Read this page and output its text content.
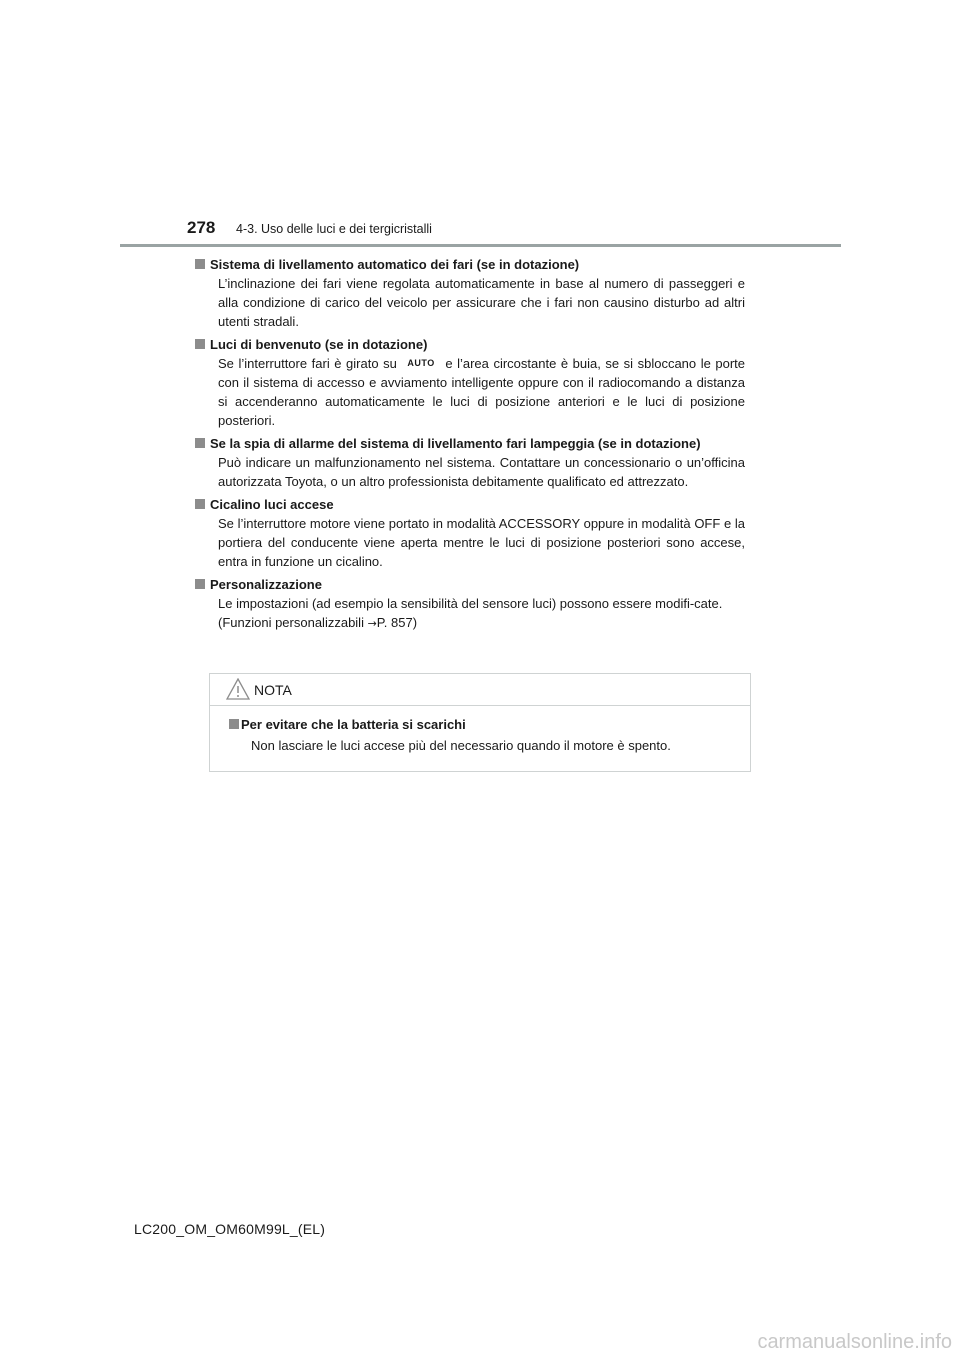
278 4-3. Uso delle luci e dei tergicristalli
Sistema di livellamento automatico dei fari (se in dotazione)
L’inclinazione dei fari viene regolata automaticamente in base al numero di passeggeri e alla condizione di carico del veicolo per assicurare che i fari non causino disturbo ad altri utenti stradali.
Luci di benvenuto (se in dotazione)
Se l’interruttore fari è girato su AUTO e l’area circostante è buia, se si sbloccano le porte con il sistema di accesso e avviamento intelligente oppure con il radiocomando a distanza si accenderanno automaticamente le luci di posizione anteriori e le luci di posizione posteriori.
Se la spia di allarme del sistema di livellamento fari lampeggia (se in dotazione)
Può indicare un malfunzionamento nel sistema. Contattare un concessionario o un’officina autorizzata Toyota, o un altro professionista debitamente qualificato ed attrezzato.
Cicalino luci accese
Se l’interruttore motore viene portato in modalità ACCESSORY oppure in modalità OFF e la portiera del conducente viene aperta mentre le luci di posizione posteriori sono accese, entra in funzione un cicalino.
Personalizzazione
Le impostazioni (ad esempio la sensibilità del sensore luci) possono essere modifi-cate.
(Funzioni personalizzabili →P. 857)
NOTA
Per evitare che la batteria si scarichi
Non lasciare le luci accese più del necessario quando il motore è spento.
LC200_OM_OM60M99L_(EL)
carmanualsonline.info
